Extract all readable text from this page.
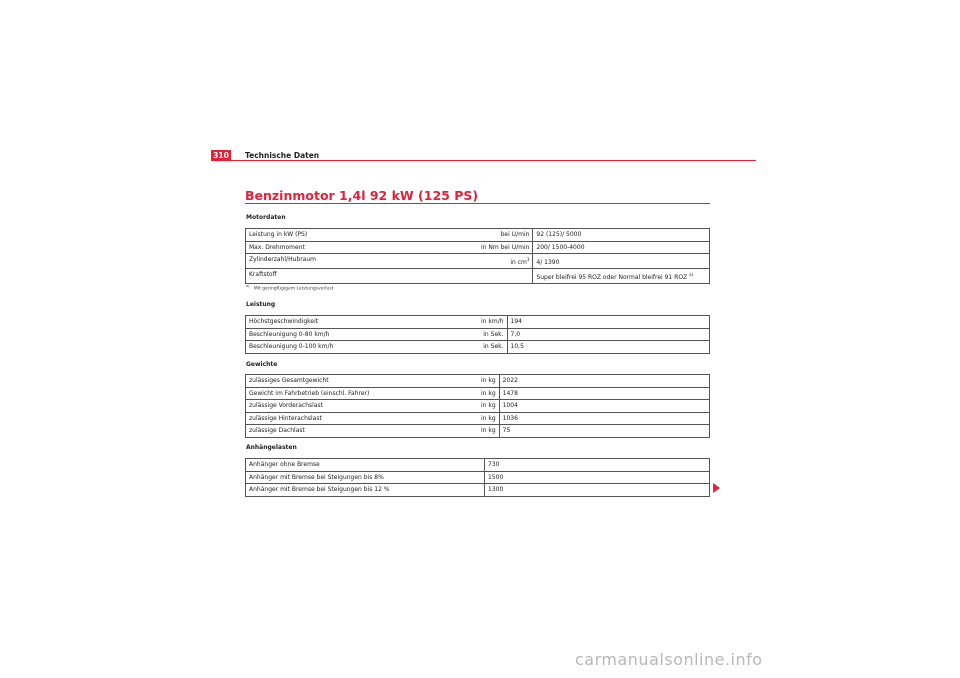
310 Technische Daten
Benzinmotor 1,4l 92 kW (125 PS)
Motordaten
Leistung in kW (PS)	bei U/min	92 (125)/ 5000
Max. Drehmoment	in Nm bei U/min	200/ 1500-4000
Zylinderzahl/Hubraum	in $cm^3$	4/ 1390
Kraftstoff		Super bleifrei 95 ROZ oder Normal bleifrei 91 ROZ $^{a)}$
$^{a)}$   Mit geringfügigem Leistungsverlust
Leistung
Höchstgeschwindigkeit	in km/h	194
Beschleunigung 0-80 km/h	in Sek.	7,0
Beschleunigung 0-100 km/h	in Sek.	10,5
Gewichte
zulässiges Gesamtgewicht	in kg	2022
Gewicht im Fahrbetrieb (einschl. Fahrer)	in kg	1478
zulässige Vorderachslast	in kg	1004
zulässige Hinterachslast	in kg	1036
zulässige Dachlast	in kg	75
Anhängelasten
Anhänger ohne Bremse		730
Anhänger mit Bremse bei Steigungen bis 8%		1500
Anhänger mit Bremse bei Steigungen bis 12 %		1300
carmanualsonline.info
